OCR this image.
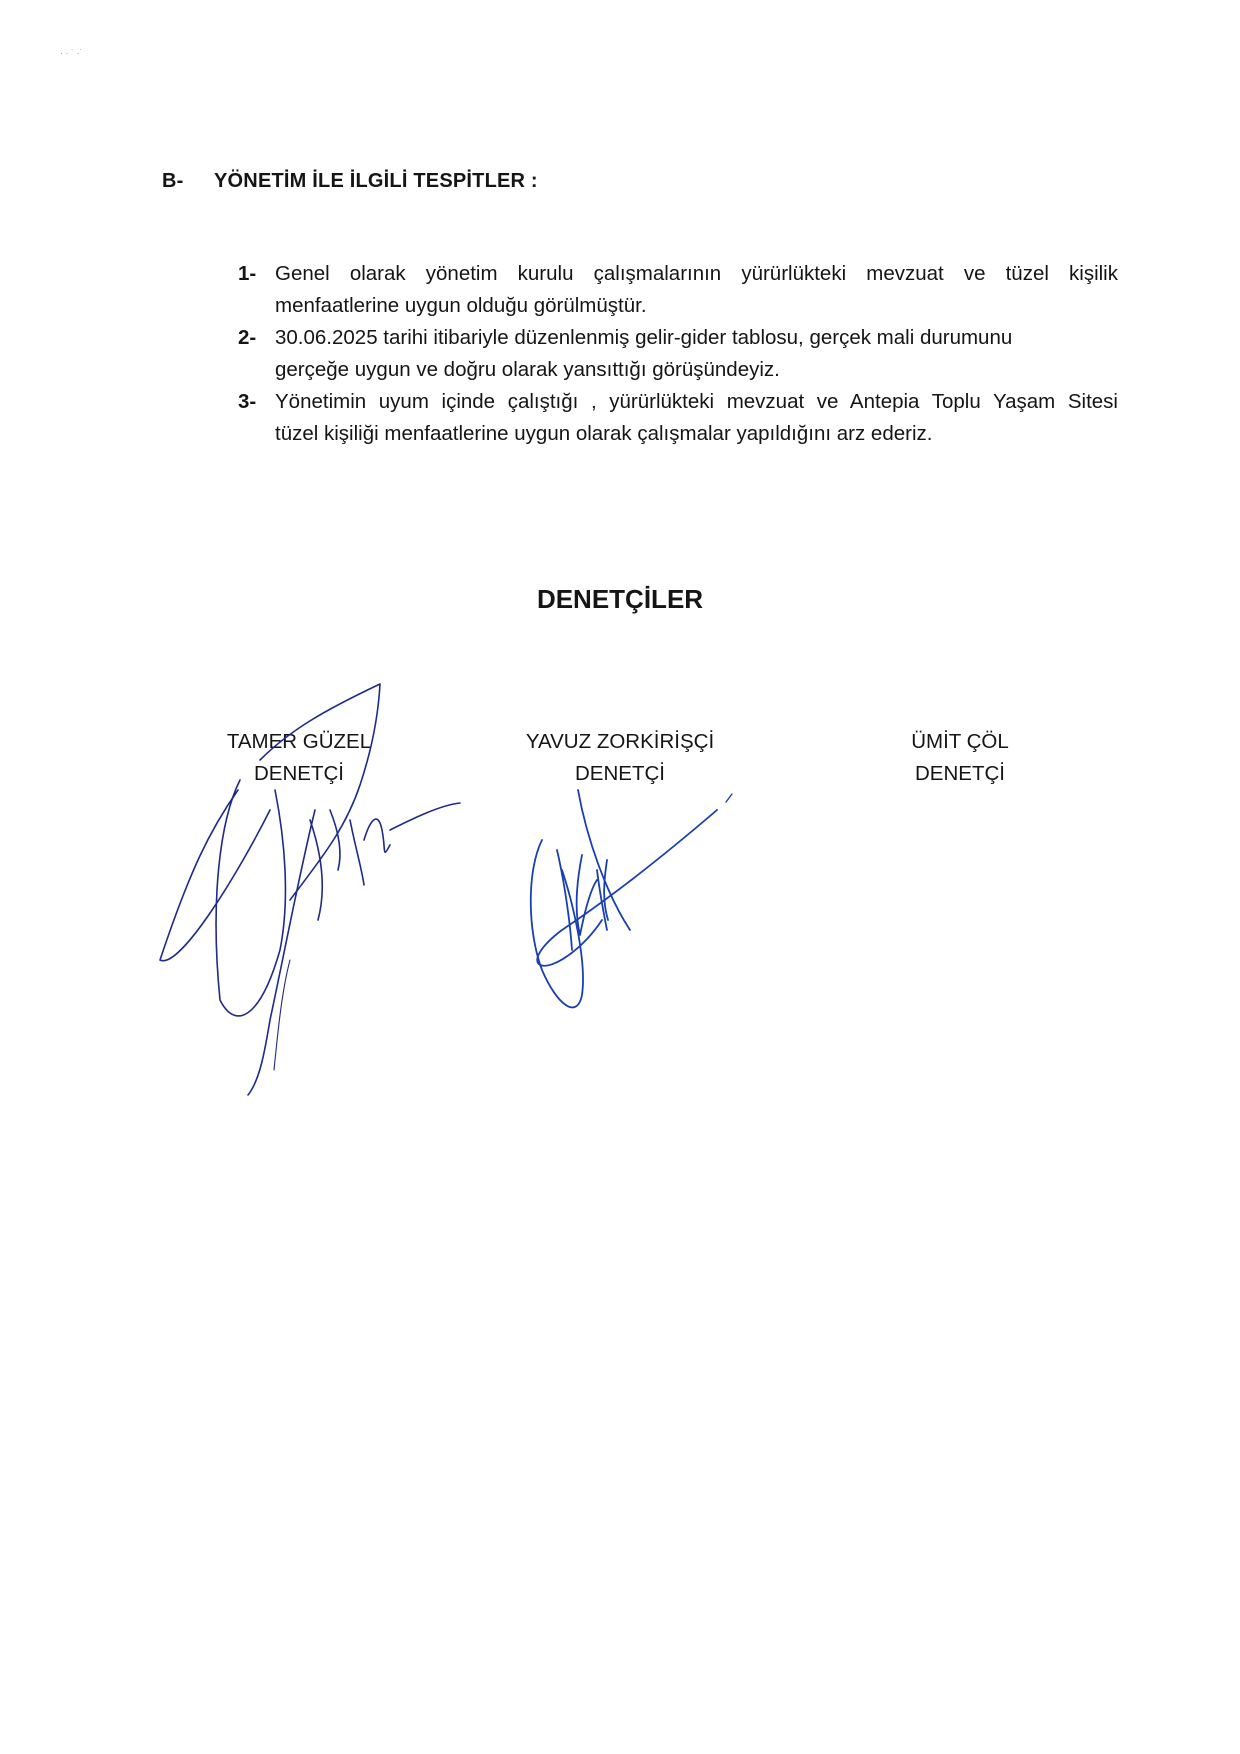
· · ˙ ·˙
B- YÖNETİM İLE İLGİLİ TESPİTLER :
1- Genel olarak yönetim kurulu çalışmalarının yürürlükteki mevzuat ve tüzel kişilik
menfaatlerine uygun olduğu görülmüştür.
2- 30.06.2025 tarihi itibariyle düzenlenmiş gelir-gider tablosu, gerçek mali durumunu
gerçeğe uygun ve doğru olarak yansıttığı görüşündeyiz.
3- Yönetimin uyum içinde çalıştığı , yürürlükteki mevzuat ve Antepia Toplu Yaşam Sitesi
tüzel kişiliği menfaatlerine uygun olarak çalışmalar yapıldığını arz ederiz.
DENETÇİLER
TAMER GÜZEL
DENETÇİ
YAVUZ ZORKİRİŞÇİ
DENETÇİ
ÜMİT ÇÖL
DENETÇİ
